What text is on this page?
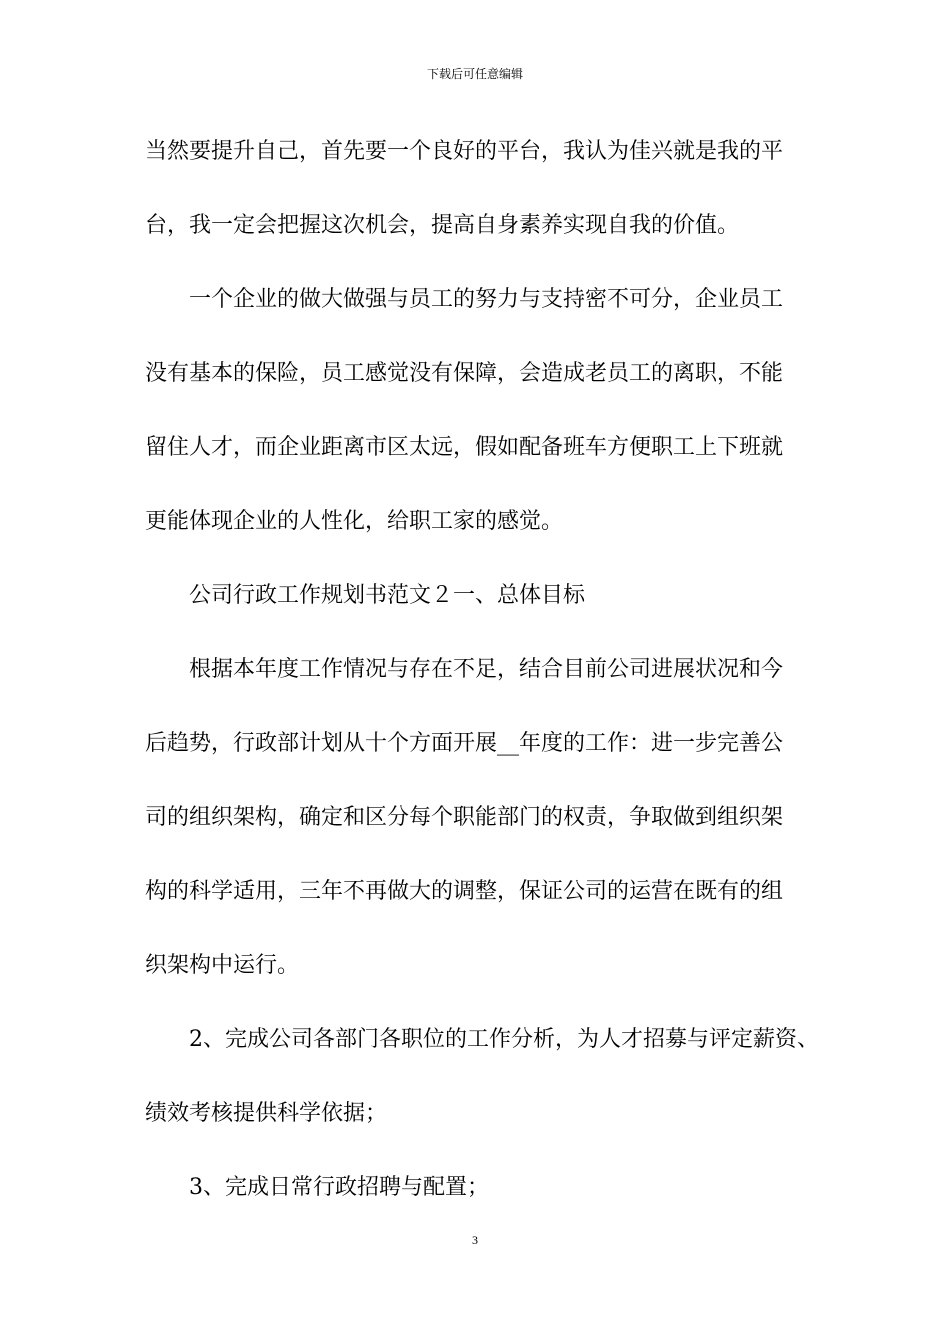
下载后可任意编辑
当然要提升自己，首先要一个良好的平台，我认为佳兴就是我的平
台，我一定会把握这次机会，提高自身素养实现自我的价值。
　　一个企业的做大做强与员工的努力与支持密不可分，企业员工
没有基本的保险，员工感觉没有保障，会造成老员工的离职，不能
留住人才，而企业距离市区太远，假如配备班车方便职工上下班就
更能体现企业的人性化，给职工家的感觉。
　　公司行政工作规划书范文２一、总体目标
　　根据本年度工作情况与存在不足，结合目前公司进展状况和今
后趋势，行政部计划从十个方面开展__年度的工作：进一步完善公
司的组织架构，确定和区分每个职能部门的权责，争取做到组织架
构的科学适用，三年不再做大的调整，保证公司的运营在既有的组
织架构中运行。
　　2、完成公司各部门各职位的工作分析，为人才招募与评定薪资、
绩效考核提供科学依据；
　　3、完成日常行政招聘与配置；
3
